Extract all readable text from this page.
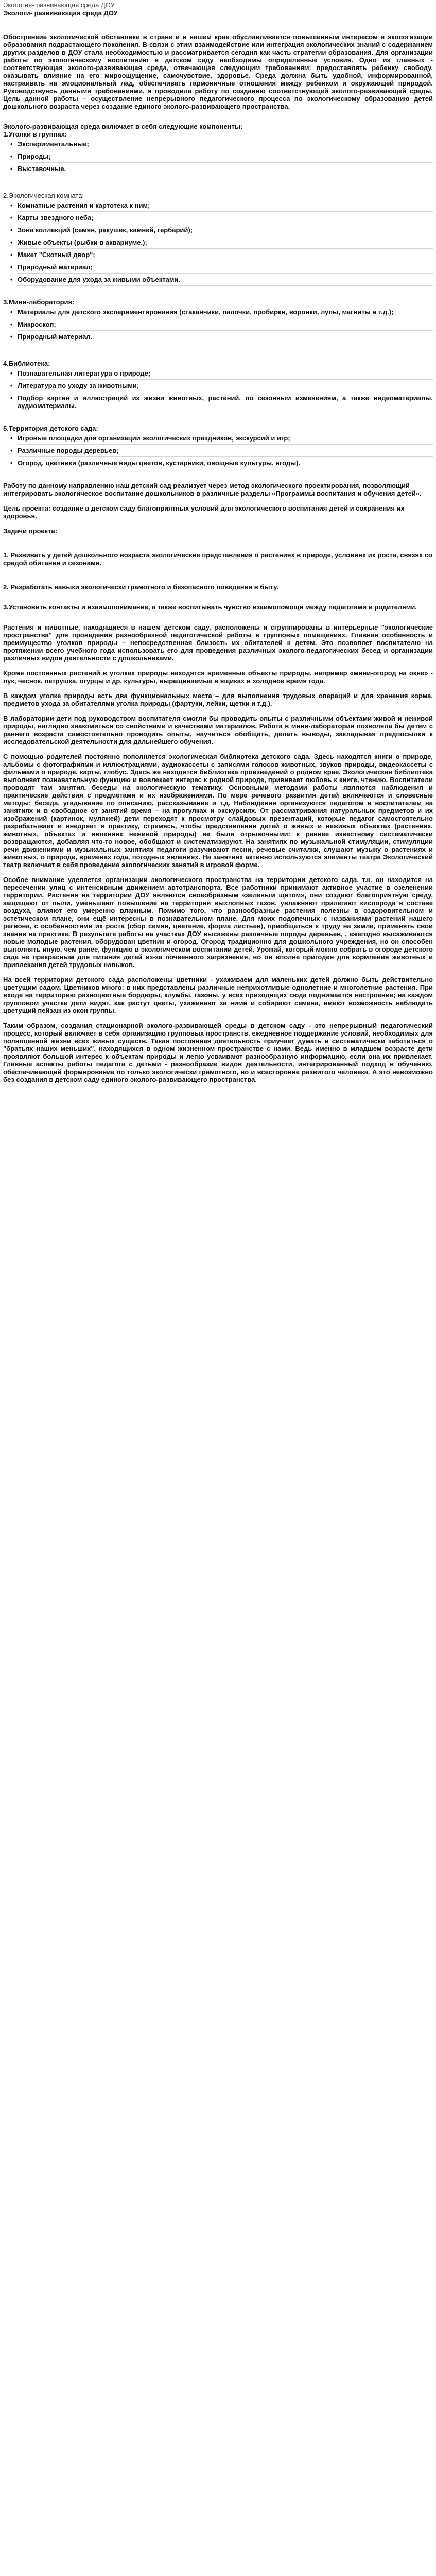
Экология- развивающая среда ДОУ
Экологи- развивающая среда ДОУ

Обостренеие экологической обстановки в стране и в нашем крае обуславливается повышенным интересом и экологизации образования подрастающего поколения. В связи с этим взаимодействие или интеграция экологических знаний с содержанием других разделов в ДОУ стала необходимостью и рассматривается сегодня как часть стратегии образования. Для организации работы по экологическому воспитанию в детском саду необходимы определенные условия. Одно из главных - соответствующая эколого-развивающая среда, отвечающая следующим требованиям: предоставлять ребенку свободу, оказывать влияние на его мироощущение, самочувствие, здоровье. Среда должна быть удобной, информированной, настраивать на эмоциональный лад, обеспечивать гармоничные отношения между ребенком и окружающей природой. Руководствуясь данными требованиями, я проводила работу по созданию соответствующей эколого-развивающей среды. Цель данной работы – осуществление непрерывного педагогического процесса по экологическому образованию детей дошкольного возраста через создание единого эколого-развивающего пространства.

Эколого-развивающая среда включает в себя следующие компоненты:

1.Уголки в группах:

• Экспериментальные;
• Природы;
• Выставочные.

2.Экологическая комната:

• Комнатные растения и картотека к ним;
• Карты звездного неба;
• Зона коллекций (семян, ракушек, камней, гербарий);
• Живые объекты (рыбки в аквариуме.);
• Макет "Скотный двор";
• Природный материал;
• Оборудование для ухода за живыми объектами.

3.Мини-лаборатория:

• Материалы для детского экспериментирования (стаканчики, палочки, пробирки, воронки, лупы, магниты и т.д.);
• Микроскоп;
• Природный материал.

4.Библиотека:

• Познавательная литература о природе;
• Литература по уходу за животными;
• Подбор картин и иллюстраций из жизни животных, растений, по сезонным изменениям, а также видеоматериалы, аудиоматериалы.

5.Территория детского сада:

• Игровые площадки для организации экологических праздников, экскурсий и игр;
• Различные породы деревьев;
• Огород, цветники (различные виды цветов, кустарники, овощные культуры, ягоды).

Работу по данному направлению наш детский сад реализует через метод экологического проектирования, позволяющий интегрировать экологическое воспитание дошкольников в различные разделы «Программы воспитания и обучения детей».

Цель проекта: создание в детском саду благоприятных условий для экологического воспитания детей и сохранения их здоровья.

Задачи проекта:

1. Развивать у детей дошкольного возраста экологические представления о растениях в природе, условиях их роста, связях со средой обитания и сезонами.

2. Разработать навыки экологически грамотного и безопасного поведения в быту.

3.Установить контакты и взаимопонимание, а также воспитывать чувство взаимопомощи между педагогами и родителями.

Растения и животные, находящиеся в нашем детском саду, расположены и сгруппированы в интерьерные "экологические пространства" для проведения разнообразной педагогической работы в групповых помещениях. Главная особенность и преимущество уголков природы – непосредственная близость их обитателей к детям. Это позволяет воспитателю на протяжении всего учебного года использовать его для проведения различных эколого-педагогических бесед и организации различных видов деятельности с дошкольниками.

Кроме постоянных растений в уголках природы находятся временные объекты природы, например «мини-огород на окне» - лук, чеснок, петрушка, огурцы и др. культуры, выращиваемые в ящиках в холодное время года.

В каждом уголке природы есть два функциональных места – для выполнения трудовых операций и для хранения корма, предметов ухода за обитателями уголка природы (фартуки, лейки, щетки и т.д.).

В лаборатории дети под руководством воспитателя смогли бы проводить опыты с различными объектами живой и неживой природы, наглядно знакомиться со свойствами и качествами материалов. Работа в мини-лаборатории позволяла бы детям с раннего возраста самостоятельно проводить опыты, научиться обобщать, делать выводы, закладывая предпосылки к исследовательской деятельности для дальнейшего обучения.

С помощью родителей постоянно пополняется экологическая библиотека детского сада. Здесь находятся книги о природе, альбомы с фотографиями и иллюстрациями, аудиокассеты с записями голосов животных, звуков природы, видеокассеты с фильмами о природе, карты, глобус. Здесь же находится библиотека произведений о родном крае. Экологическая библиотека выполняет познавательную функцию и вовлекает интерес к родной природе, прививает любовь к книге, чтению. Воспитатели проводят там занятия, беседы на экологическую тематику. Основными методами работы являются наблюдения и практические действия с предметами и их изображениями. По мере речевого развития детей включаются и словесные методы: беседа, угадывание по описанию, рассказывание и т.д. Наблюдения организуются педагогом и воспитателем на занятиях и в свободное от занятий время – на прогулках и экскурсиях. От рассматривания натуральных предметов и их изображений (картинок, муляжей) дети переходят к просмотру слайдовых презентаций, которые педагог самостоятельно разрабатывает и внедряет в практику, стремясь, чтобы представления детей о живых и неживых объектах (растениях, животных, объектах и явлениях неживой природы) не были отрывочными: к раннее известному систематически возвращаются, добавляя что-то новое, обобщают и систематизируют. На занятиях по музыкальной стимуляции, стимуляции речи движениями и музыкальных занятиях педагоги разучивают песни, речевые считалки, слушают музыку о растениях и животных, о природе, временах года, погодных явлениях. На занятиях активно используются элементы театра Экологический театр включает в себя проведение экологических занятий в игровой форме.

Особое внимание уделяется организации экологического пространства на территории детского сада, т.к. он находится на пересечении улиц с интенсивным движением автотранспорта. Все работники принимают активное участие в озеленении территории. Растения на территории ДОУ являются своеобразным «зеленым щитом», они создают благоприятную среду, защищают от пыли, уменьшают повышение на территории выхлопных газов, увлажняют прилегают кислорода в составе воздуха, влияют его умеренно влажным. Помимо того, что разнообразные растения полезны в оздоровительном и эстетическом плане, они ещё интересны в познавательном плане. Для моих подопечных с названиями растений нашего региона, с особенностями их роста (сбор семян, цветение, форма листьев), приобщаться к труду на земле, применять свои знания на практике. В результате работы на участках ДОУ высажены различные породы деревьев, , ежегодно высаживаются новые молодые растения, оборудован цветник и огород. Огород традиционно для дошкольного учреждения, но он способен выполнять иную, чем ранее, функцию в экологическом воспитании детей. Урожай, который можно собрать в огороде детского сада не прекрасным для питания детей из-за почвенного загрязнения, но он вполне пригоден для кормления животных и привлекания детей трудовых навыков.

На всей территории детского сада расположены цветники - ухаживаем для маленьких детей должно быть действительно цветущим садом. Цветников много: в них представлены различные неприхотливые однолетние и многолетние растения. При входе на территорию разноцветные бордюры, клумбы, газоны, у всех приходящих сюда поднимается настроение; на каждом групповом участке дети видят, как растут цветы, ухаживают за ними и собирают семена, имеют возможность наблюдать цветущий пейзаж из окон группы.

Таким образом, создания стационарной эколого-развивающей среды в детском саду - это непрерывный педагогический процесс, который включает в себя организацию групповых пространств, ежедневное поддержание условий, необходимых для полноценной жизни всех живых существ. Такая постоянная деятельность приучает думать и систематически заботиться о "братьях наших меньших", находящихся в одном жизненном пространстве с нами. Ведь именно в младшем возрасте дети проявляют большой интерес к объектам природы и легко усваивают разнообразную информацию, если она их привлекает. Главные аспекты работы педагога с детьми - разнообразие видов деятельности, интегрированный подход в обучению, обеспечивающий формирование по только экологически грамотного, но и всесторонне развитого человека. А это невозможно без создания в детском саду единого эколого-развивающего пространства.
